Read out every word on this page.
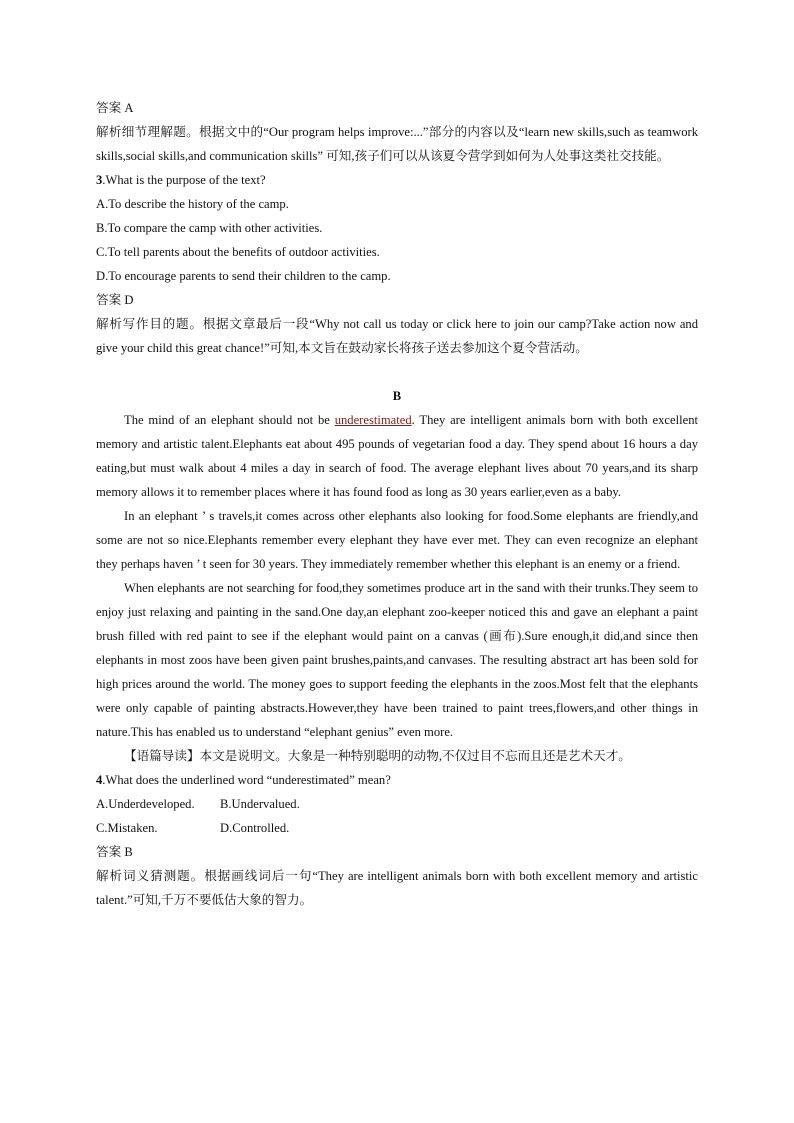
答案 A
解析细节理解题。根据文中的“Our program helps improve:...”部分的内容以及“learn new skills,such as teamwork skills,social skills,and communication skills” 可知,孩子们可以从该夏令营学到如何为人处事这类社交技能。
3.What is the purpose of the text?
A.To describe the history of the camp.
B.To compare the camp with other activities.
C.To tell parents about the benefits of outdoor activities.
D.To encourage parents to send their children to the camp.
答案 D
解析写作目的题。根据文章最后一段“Why not call us today or click here to join our camp?Take action now and give your child this great chance!”可知,本文旨在鼓动家长将孩子送去参加这个夏令营活动。
B
The mind of an elephant should not be underestimated. They are intelligent animals born with both excellent memory and artistic talent.Elephants eat about 495 pounds of vegetarian food a day. They spend about 16 hours a day eating,but must walk about 4 miles a day in search of food. The average elephant lives about 70 years,and its sharp memory allows it to remember places where it has found food as long as 30 years earlier,even as a baby.
In an elephant ’ s travels,it comes across other elephants also looking for food.Some elephants are friendly,and some are not so nice.Elephants remember every elephant they have ever met. They can even recognize an elephant they perhaps haven ’ t seen for 30 years. They immediately remember whether this elephant is an enemy or a friend.
When elephants are not searching for food,they sometimes produce art in the sand with their trunks.They seem to enjoy just relaxing and painting in the sand.One day,an elephant zoo-keeper noticed this and gave an elephant a paint brush filled with red paint to see if the elephant would paint on a canvas (画布).Sure enough,it did,and since then elephants in most zoos have been given paint brushes,paints,and canvases. The resulting abstract art has been sold for high prices around the world. The money goes to support feeding the elephants in the zoos.Most felt that the elephants were only capable of painting abstracts.However,they have been trained to paint trees,flowers,and other things in nature.This has enabled us to understand “elephant genius” even more.
【语篇导读】本文是说明文。大象是一种特别聪明的动物,不仅过目不忘而且还是艺术天才。
4.What does the underlined word “underestimated” mean?
A.Underdeveloped. B.Undervalued.
C.Mistaken.	D.Controlled.
答案 B
解析词义猜测题。根据画线词后一句“They are intelligent animals born with both excellent memory and artistic talent.”可知,千万不要低估大象的智力。
